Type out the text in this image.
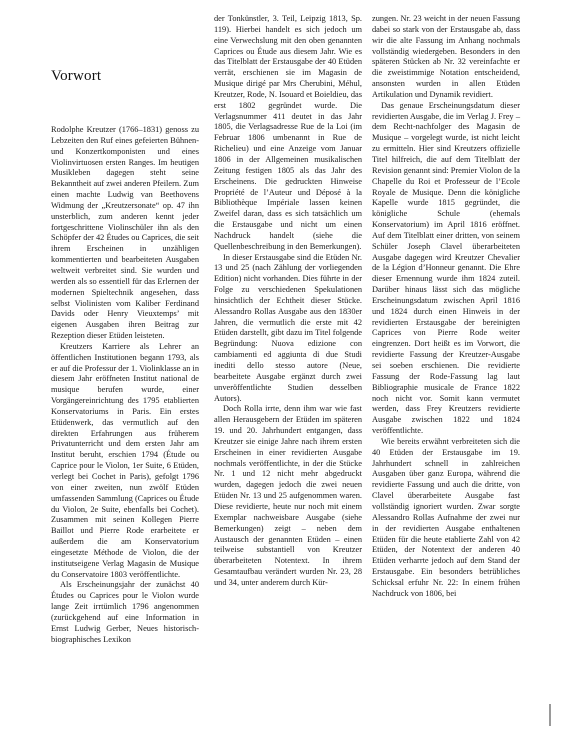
Vorwort

Rodolphe Kreutzer (1766–1831) genoss zu Lebzeiten den Ruf eines gefeierten Bühnen- und Konzertkomponisten und eines Violinvirtuosen ersten Ranges. Im heutigen Musikleben dagegen steht seine Bekanntheit auf zwei anderen Pfeilern. Zum einen machte Ludwig van Beethovens Widmung der „Kreutzersonate“ op. 47 ihn unsterblich, zum anderen kennt jeder fortgeschrittene Violinschüler ihn als den Schöpfer der 42 Études ou Caprices, die seit ihrem Erscheinen in unzähligen kommentierten und bearbeiteten Ausgaben weltweit verbreitet sind. Sie wurden und werden als so essentiell für das Erlernen der modernen Spieltechnik angesehen, dass selbst Violinisten vom Kaliber Ferdinand Davids oder Henry Vieuxtemps’ mit eigenen Ausgaben ihren Beitrag zur Rezeption dieser Etüden leisteten.

Kreutzers Karriere als Lehrer an öffentlichen Institutionen begann 1793, als er auf die Professur der 1. Violinklasse an in diesem Jahr eröffneten Institut national de musique berufen wurde, einer Vorgängereinrichtung des 1795 etablierten Konservatoriums in Paris. Ein erstes Etüdenwerk, das vermutlich auf den direkten Erfahrungen aus früherem Privatunterricht und dem ersten Jahr am Institut beruht, erschien 1794 (Étude ou Caprice pour le Violon, 1er Suite, 6 Etüden, verlegt bei Cochet in Paris), gefolgt 1796 von einer zweiten, nun zwölf Etüden umfassenden Sammlung (Caprices ou Étude du Violon, 2e Suite, ebenfalls bei Cochet). Zusammen mit seinen Kollegen Pierre Baillot und Pierre Rode erarbeitete er außerdem die am Konservatorium eingesetzte Méthode de Violon, die der institutseigene Verlag Magasin de Musique du Conservatoire 1803 veröffentlichte.

Als Erscheinungsjahr der zunächst 40 Études ou Caprices pour le Violon wurde lange Zeit irrtümlich 1796 angenommen (zurückgehend auf eine Information in Ernst Ludwig Gerber, Neues historisch-biographisches Lexikon

der Tonkünstler, 3. Teil, Leipzig 1813, Sp. 119). Hierbei handelt es sich jedoch um eine Verwechslung mit den oben genannten Caprices ou Étude aus diesem Jahr. Wie es das Titelblatt der Erstausgabe der 40 Etüden verrät, erschienen sie im Magasin de Musique dirigé par Mrs Cherubini, Méhul, Kreutzer, Rode, N. Isouard et Boieldieu, das erst 1802 gegründet wurde. Die Verlagsnummer 411 deutet in das Jahr 1805, die Verlagsadresse Rue de la Loi (im Februar 1806 umbenannt in Rue de Richelieu) und eine Anzeige vom Januar 1806 in der Allgemeinen musikalischen Zeitung festigen 1805 als das Jahr des Erscheinens. Die gedruckten Hinweise Propriété de l’Auteur und Déposé à la Bibliothèque Impériale lassen keinen Zweifel daran, dass es sich tatsächlich um die Erstausgabe und nicht um einen Nachdruck handelt (siehe die Quellenbeschreibung in den Bemerkungen).

In dieser Erstausgabe sind die Etüden Nr. 13 und 25 (nach Zählung der vorliegenden Edition) nicht vorhanden. Dies führte in der Folge zu verschiedenen Spekulationen hinsichtlich der Echtheit dieser Stücke. Alessandro Rollas Ausgabe aus den 1830er Jahren, die vermutlich die erste mit 42 Etüden darstellt, gibt dazu im Titel folgende Begründung: Nuova edizione con cambiamenti ed aggiunta di due Studi inediti dello stesso autore (Neue, bearbeitete Ausgabe ergänzt durch zwei unveröffentlichte Studien desselben Autors).

Doch Rolla irrte, denn ihm war wie fast allen Herausgebern der Etüden im späteren 19. und 20. Jahrhundert entgangen, dass Kreutzer sie einige Jahre nach ihrem ersten Erscheinen in einer revidierten Ausgabe nochmals veröffentlichte, in der die Stücke Nr. 1 und 12 nicht mehr abgedruckt wurden, dagegen jedoch die zwei neuen Etüden Nr. 13 und 25 aufgenommen waren. Diese revidierte, heute nur noch mit einem Exemplar nachweisbare Ausgabe (siehe Bemerkungen) zeigt – neben dem Austausch der genannten Etüden – einen teilweise substantiell von Kreutzer überarbeiteten Notentext. In ihrem Gesamtaufbau verändert wurden Nr. 23, 28 und 34, unter anderem durch Kür-

zungen. Nr. 23 weicht in der neuen Fassung dabei so stark von der Erstausgabe ab, dass wir die alte Fassung im Anhang nochmals vollständig wiedergeben. Besonders in den späteren Stücken ab Nr. 32 vereinfachte er die zweistimmige Notation entscheidend, ansonsten wurden in allen Etüden Artikulation und Dynamik revidiert.

Das genaue Erscheinungsdatum dieser revidierten Ausgabe, die im Verlag J. Frey – dem Recht-nachfolger des Magasin de Musique – vorgelegt wurde, ist nicht leicht zu ermitteln. Hier sind Kreutzers offizielle Titel hilfreich, die auf dem Titelblatt der Revision genannt sind: Premier Violon de la Chapelle du Roi et Professeur de l’Ecole Royale de Musique. Denn die königliche Kapelle wurde 1815 gegründet, die königliche Schule (ehemals Konservatorium) im April 1816 eröffnet. Auf dem Titelblatt einer dritten, von seinem Schüler Joseph Clavel überarbeiteten Ausgabe dagegen wird Kreutzer Chevalier de la Légion d’Honneur genannt. Die Ehre dieser Ernennung wurde ihm 1824 zuteil. Darüber hinaus lässt sich das mögliche Erscheinungsdatum zwischen April 1816 und 1824 durch einen Hinweis in der revidierten Erstausgabe der bereinigten Caprices von Pierre Rode weiter eingrenzen. Dort heißt es im Vorwort, die revidierte Fassung der Kreutzer-Ausgabe sei soeben erschienen. Die revidierte Fassung der Rode-Fassung lag laut Bibliographie musicale de France 1822 noch nicht vor. Somit kann vermutet werden, dass Frey Kreutzers revidierte Ausgabe zwischen 1822 und 1824 veröffentlichte.

Wie bereits erwähnt verbreiteten sich die 40 Etüden der Erstausgabe im 19. Jahrhundert schnell in zahlreichen Ausgaben über ganz Europa, während die revidierte Fassung und auch die dritte, von Clavel überarbeitete Ausgabe fast vollständig ignoriert wurden. Zwar sorgte Alessandro Rollas Aufnahme der zwei nur in der revidierten Ausgabe enthaltenen Etüden für die heute etablierte Zahl von 42 Etüden, der Notentext der anderen 40 Etüden verharrte jedoch auf dem Stand der Erstausgabe. Ein besonders betrübliches Schicksal erfuhr Nr. 22: In einem frühen Nachdruck von 1806, bei
